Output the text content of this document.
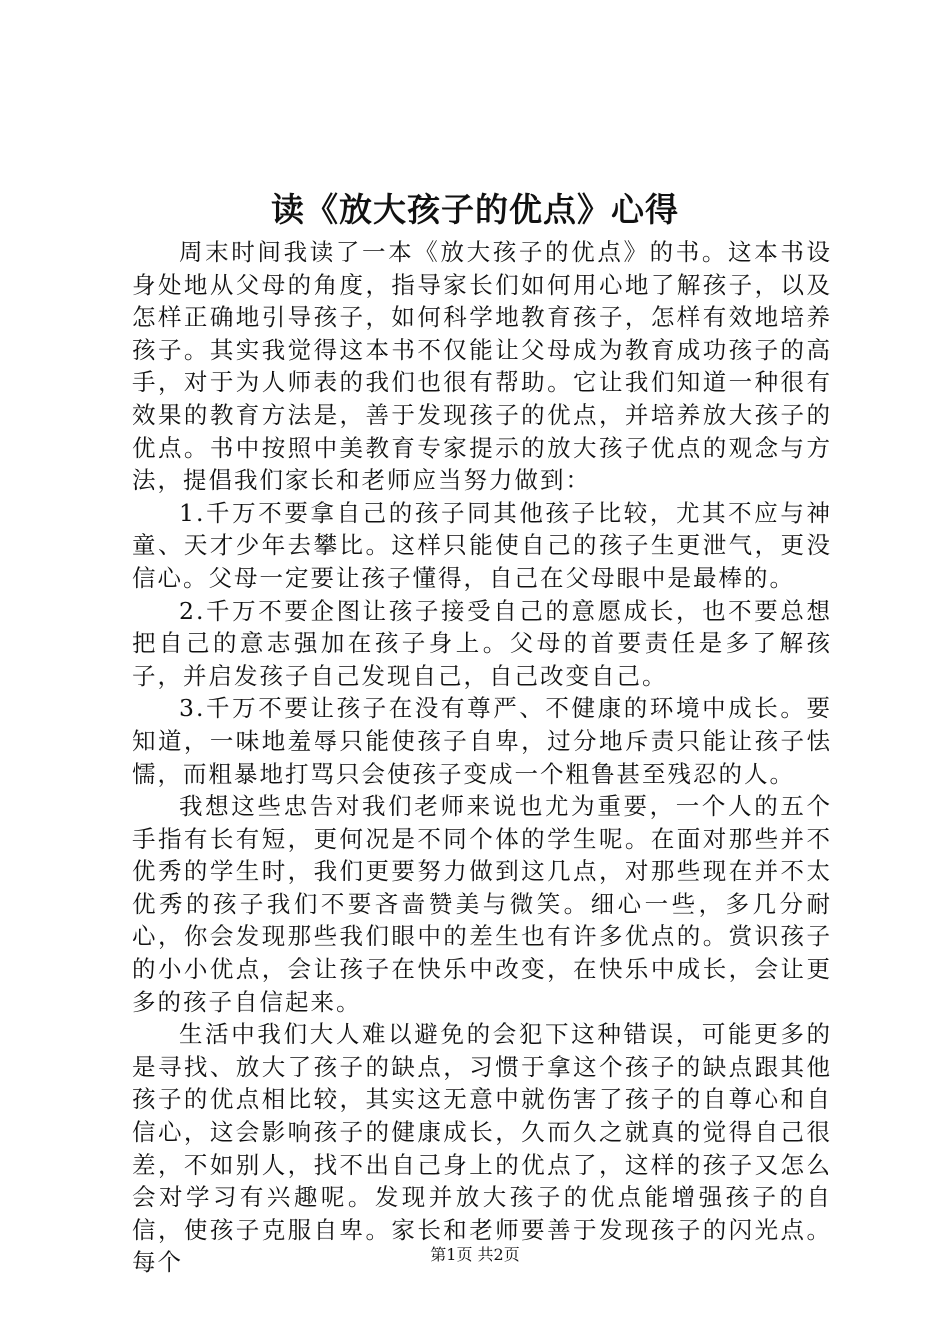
读《放大孩子的优点》心得

周末时间我读了一本《放大孩子的优点》的书。这本书设身处地从父母的角度，指导家长们如何用心地了解孩子，以及怎样正确地引导孩子，如何科学地教育孩子，怎样有效地培养孩子。其实我觉得这本书不仅能让父母成为教育成功孩子的高手，对于为人师表的我们也很有帮助。它让我们知道一种很有效果的教育方法是，善于发现孩子的优点，并培养放大孩子的优点。书中按照中美教育专家提示的放大孩子优点的观念与方法，提倡我们家长和老师应当努力做到：

1.千万不要拿自己的孩子同其他孩子比较，尤其不应与神童、天才少年去攀比。这样只能使自己的孩子生更泄气，更没信心。父母一定要让孩子懂得，自己在父母眼中是最棒的。

2.千万不要企图让孩子接受自己的意愿成长，也不要总想把自己的意志强加在孩子身上。父母的首要责任是多了解孩子，并启发孩子自己发现自己，自己改变自己。

3.千万不要让孩子在没有尊严、不健康的环境中成长。要知道，一味地羞辱只能使孩子自卑，过分地斥责只能让孩子怯懦，而粗暴地打骂只会使孩子变成一个粗鲁甚至残忍的人。

我想这些忠告对我们老师来说也尤为重要，一个人的五个手指有长有短，更何况是不同个体的学生呢。在面对那些并不优秀的学生时，我们更要努力做到这几点，对那些现在并不太优秀的孩子我们不要吝啬赞美与微笑。细心一些，多几分耐心，你会发现那些我们眼中的差生也有许多优点的。赏识孩子的小小优点，会让孩子在快乐中改变，在快乐中成长，会让更多的孩子自信起来。

生活中我们大人难以避免的会犯下这种错误，可能更多的是寻找、放大了孩子的缺点，习惯于拿这个孩子的缺点跟其他孩子的优点相比较，其实这无意中就伤害了孩子的自尊心和自信心，这会影响孩子的健康成长，久而久之就真的觉得自己很差，不如别人，找不出自己身上的优点了，这样的孩子又怎么会对学习有兴趣呢。发现并放大孩子的优点能增强孩子的自信，使孩子克服自卑。家长和老师要善于发现孩子的闪光点。每个	第1页 共2页
